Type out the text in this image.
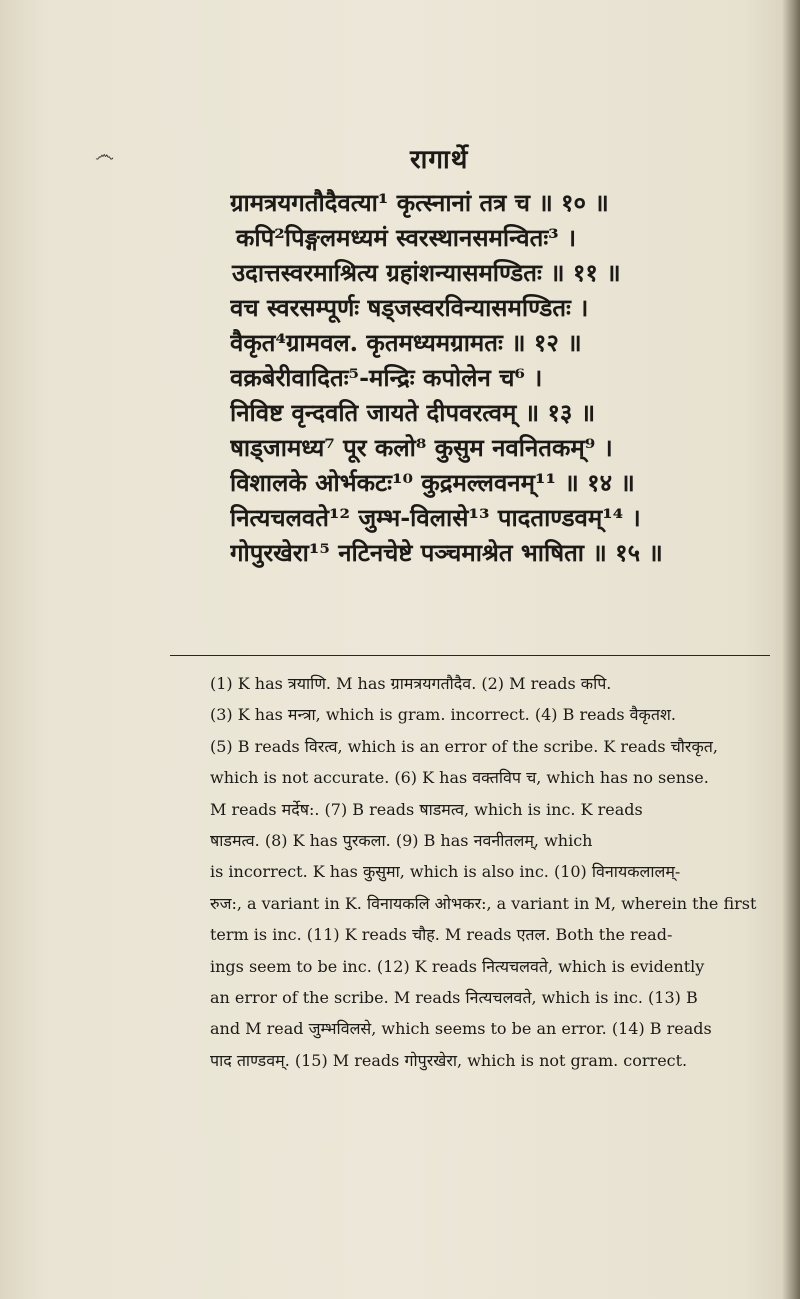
෴	रागार्थे
ग्रामत्रयगतौदैवत्या¹ कृत्स्नानां तत्र च ॥ १० ॥
कपि²पिङ्गलमध्यमं स्वरस्थानसमन्वितः³ ।
उदात्तस्वरमाश्रित्य ग्रहांशन्यासमण्डितः ॥ ११ ॥
वच स्वरसम्पूर्णः षड्जस्वरविन्यासमण्डितः ।
वैकृत⁴ग्रामवल. कृतमध्यमग्रामतः ॥ १२ ॥
वक्रबेरीवादितः⁵-मन्द्रिः कपोलेन च⁶ ।
निविष्ट वृन्दवति जायते दीपवरत्वम् ॥ १३ ॥
षाड्जामध्य⁷ पूर कलो⁸ कुसुम नवनितकम्⁹ ।
विशालके ओर्भकटः¹⁰ कुद्रमल्लवनम्¹¹ ॥ १४ ॥
नित्यचलवते¹² जुम्भ-विलासे¹³ पादताण्डवम्¹⁴ ।
गोपुरखेरा¹⁵ नटिनचेष्टे पञ्चमाश्रेत भाषिता ॥ १५ ॥
(1) K has त्रयाणि. M has ग्रामत्रयगतौदैव. (2) M reads कपि.
(3) K has मन्त्रा, which is gram. incorrect. (4) B reads वैकृतश.
(5) B reads विरत्व, which is an error of the scribe. K reads चौरकृत,
which is not accurate. (6) K has वक्तविप च, which has no sense.
M reads मर्देष:. (7) B reads षाडमत्व, which is inc. K reads
षाडमत्व. (8) K has पुरकला. (9) B has नवनीतलम्, which
is incorrect. K has कुसुमा, which is also inc. (10) विनायकलालम्-
रुज:, a variant in K. विनायकलि ओभकर:, a variant in M, wherein the first
term is inc. (11) K reads चौह. M reads एतल. Both the read-
ings seem to be inc. (12) K reads नित्यचलवते, which is evidently
an error of the scribe. M reads नित्यचलवते, which is inc. (13) B
and M read जुम्भविलसे, which seems to be an error. (14) B reads
पाद ताण्डवम्. (15) M reads गोपुरखेरा, which is not gram. correct.
